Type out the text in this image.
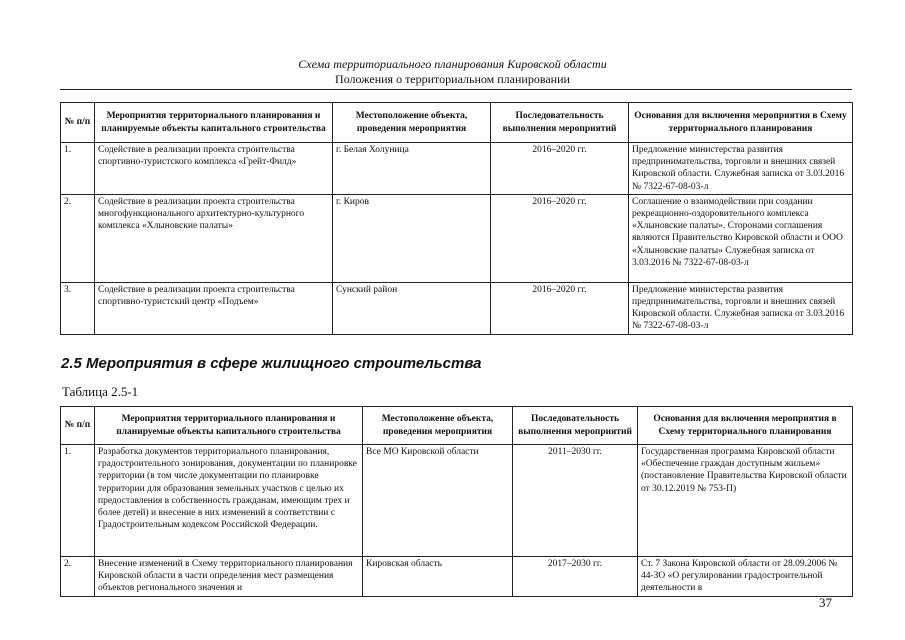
Схема территориального планирования Кировской области
Положения о территориальном планировании
№ п/п	Мероприятия территориального планирования и планируемые объекты капитального строительства	Местоположение объекта, проведения мероприятия	Последовательность выполнения мероприятий	Основания для включения мероприятия в Схему территориального планирования
1.	Содействие в реализации проекта строительства спортивно-туристского комплекса «Грейт-Филд»	г. Белая Холуница	2016–2020 гг.	Предложение министерства развития предпринимательства, торговли и внешних связей Кировской области. Служебная записка от 3.03.2016 № 7322-67-08-03-л
2.	Содействие в реализации проекта строительства многофункционального архитектурно-культурного комплекса «Хлыновские палаты»	г. Киров	2016–2020 гг.	Соглашение о взаимодействии при создании рекреационно-оздоровительного комплекса «Хлыновские палаты». Сторонами соглашения являются Правительство Кировской области и ООО «Хлыновские палаты» Служебная записка от 3.03.2016 № 7322-67-08-03-л
3.	Содействие в реализации проекта строительства спортивно-туристский центр «Подъем»	Сунский район	2016–2020 гг.	Предложение министерства развития предпринимательства, торговли и внешних связей Кировской области. Служебная записка от 3.03.2016 № 7322-67-08-03-л
2.5 Мероприятия в сфере жилищного строительства
Таблица 2.5-1
№ п/п	Мероприятия территориального планирования и планируемые объекты капитального строительства	Местоположение объекта, проведения мероприятия	Последовательность выполнения мероприятий	Основания для включения мероприятия в Схему территориального планирования
1.	Разработка документов территориального планирования, градостроительного зонирования, документации по планировке территории (в том числе документации по планировке территории для образования земельных участков с целью их предоставления в собственность гражданам, имеющим трех и более детей) и внесение в них изменений в соответствии с Градостроительным кодексом Российской Федерации.	Все МО Кировской области	2011–2030 гг.	Государственная программа Кировской области «Обеспечение граждан доступным жильем» (постановление Правительства Кировской области от 30.12.2019 № 753-П)
2.	Внесение изменений в Схему территориального планирования Кировской области в части определения мест размещения объектов регионального значения и	Кировская область	2017–2030 гг.	Ст. 7 Закона Кировской области от 28.09.2006 № 44-ЗО «О регулировании градостроительной деятельности в
37
